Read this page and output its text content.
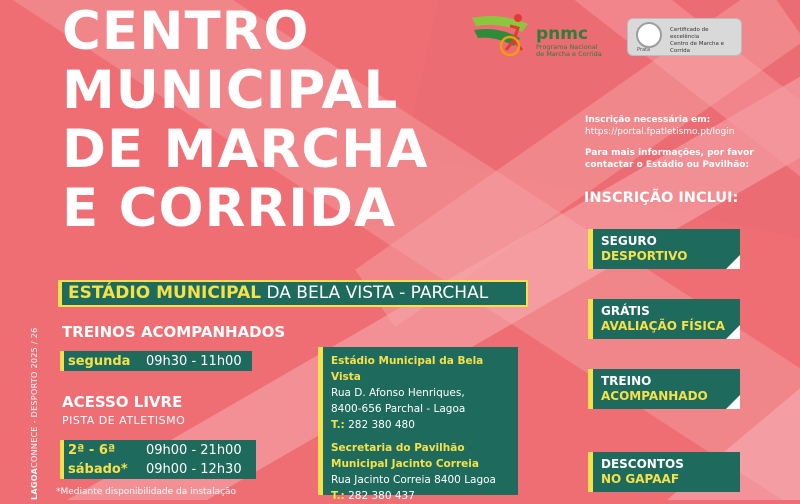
CENTRO
MUNICIPAL
DE MARCHA
E CORRIDA
ESTÁDIO MUNICIPAL DA BELA VISTA - PARCHAL
TREINOS ACOMPANHADOS
segunda	09h30 - 11h00
ACESSO LIVRE
PISTA DE ATLETISMO
2ª - 6ª	09h00 - 21h00
sábado*	09h00 - 12h30
*Mediante disponibilidade da instalação
LAGOACONNECE - DESPORTO 2025 / 26	Estádio Municipal da Bela Vista
Rua D. Afonso Henriques,
8400-656 Parchal - Lagoa
T.: 282 380 480
Secretaria do Pavilhão
Municipal Jacinto Correia
Rua Jacinto Correia 8400 Lagoa
T.: 282 380 437
pnmc
Programa Nacional
de Marcha e Corrida	Prata
Certificado de excelência
Centro de Marcha e Corrida
Inscrição necessária em:
https://portal.fpatletismo.pt/login
Para mais informações, por favor
contactar o Estádio ou Pavilhão:
INSCRIÇÃO INCLUI:
SEGURO
DESPORTIVO
GRÁTIS
AVALIAÇÃO FÍSICA
TREINO
ACOMPANHADO
DESCONTOS
NO GAPAAF
